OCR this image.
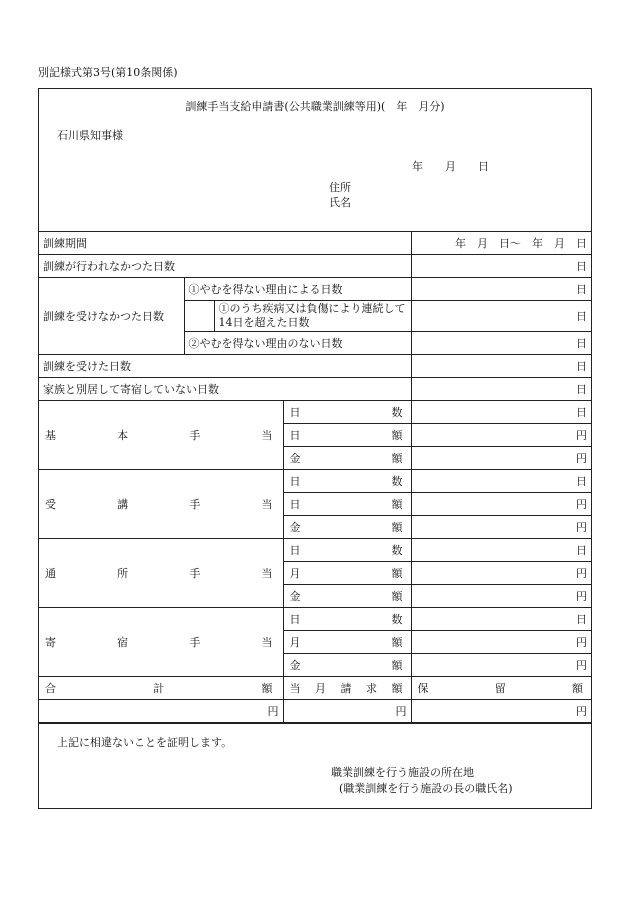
別記様式第3号(第10条関係)
訓練手当支給申請書(公共職業訓練等用)(　年　月分)
石川県知事様
年　　月　　日
住所
氏名
訓練期間				年　月　日〜　年　月　日
訓練が行われなかつた日数				日
訓練を受けなかつた日数	①やむを得ない理由による日数			日
		①のうち疾病又は負傷により連続して14日を超えた日数		日
	②やむを得ない理由のない日数			日
訓練を受けた日数				日
家族と別居して寄宿していない日数				日

基 本 手 当			日 数	日

			日 額	円

			金 額	円

受 講 手 当			日 数	日

			日 額	円

			金 額	円

通 所 手 当			日 数	日

			月 額	円

			金 額	円

寄 宿 手 当			日 数	日

			月 額	円

			金 額	円

合 計 額			当 月 請 求 額	保 留 額

円			円	円
上記に相違ないことを証明します。
職業訓練を行う施設の所在地
(職業訓練を行う施設の長の職氏名)
